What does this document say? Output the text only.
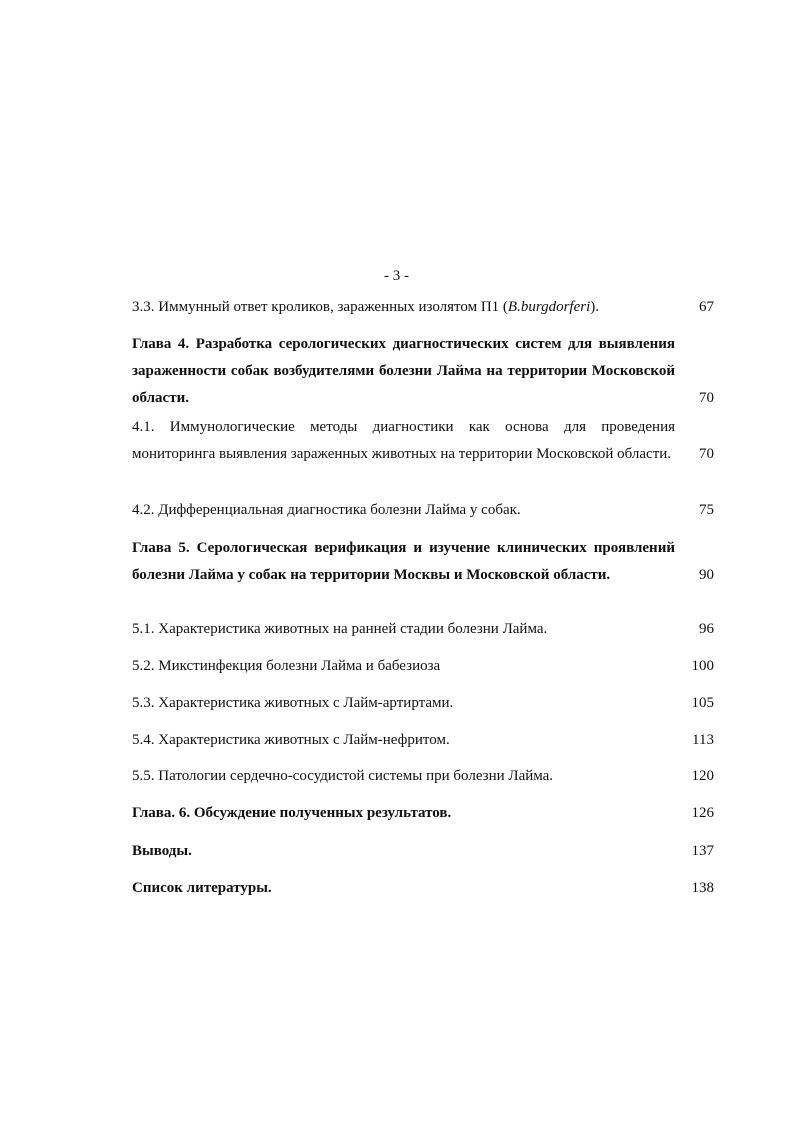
- 3 -
3.3. Иммунный ответ кроликов, зараженных изолятом П1 (B.burgdorferi).	67
Глава 4. Разработка серологических диагностических систем для выявления зараженности собак возбудителями болезни Лайма на территории Московской области.	70
4.1. Иммунологические методы диагностики как основа для проведения мониторинга выявления зараженных животных на территории Московской области.	70
4.2. Дифференциальная диагностика болезни Лайма у собак.	75
Глава 5. Серологическая верификация и изучение клинических проявлений болезни Лайма у собак на территории Москвы и Московской области.	90
5.1. Характеристика животных на ранней стадии болезни Лайма.	96
5.2. Микстинфекция болезни Лайма и бабезиоза	100
5.3. Характеристика животных с Лайм-артиртами.	105
5.4. Характеристика животных с Лайм-нефритом.	113
5.5. Патологии сердечно-сосудистой системы при болезни Лайма.	120
Глава. 6. Обсуждение полученных результатов.	126
Выводы.	137
Список литературы.	138
